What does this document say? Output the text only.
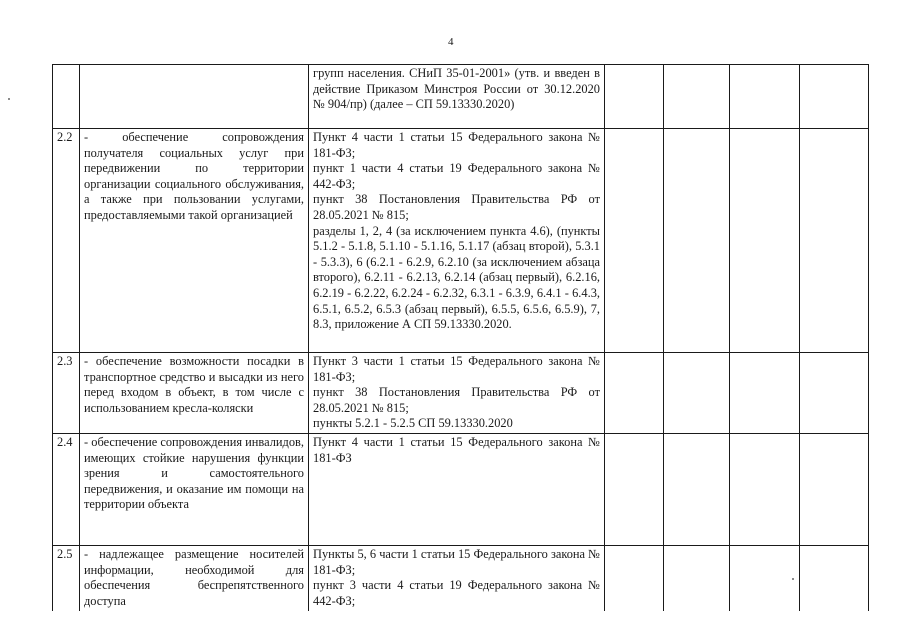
4

		групп населения. СНиП 35-01-2001» (утв. и введен в действие Приказом Минстроя России от 30.12.2020 № 904/пр) (далее – СП 59.13330.2020)				

2.2	- обеспечение сопровождения получателя социальных услуг при передвижении по территории организации социального обслуживания, а также при пользовании услугами, предоставляемыми такой организацией	Пункт 4 части 1 статьи 15 Федерального закона № 181-ФЗ;
пункт 1 части 4 статьи 19 Федерального закона № 442-ФЗ;
пункт 38 Постановления Правительства РФ от 28.05.2021 № 815;
разделы 1, 2, 4 (за исключением пункта 4.6), (пункты 5.1.2 - 5.1.8, 5.1.10 - 5.1.16, 5.1.17 (абзац второй), 5.3.1 - 5.3.3), 6 (6.2.1 - 6.2.9, 6.2.10 (за исключением абзаца второго), 6.2.11 - 6.2.13, 6.2.14 (абзац первый), 6.2.16, 6.2.19 - 6.2.22, 6.2.24 - 6.2.32, 6.3.1 - 6.3.9, 6.4.1 - 6.4.3, 6.5.1, 6.5.2, 6.5.3 (абзац первый), 6.5.5, 6.5.6, 6.5.9), 7, 8.3, приложение А СП 59.13330.2020.				

2.3	- обеспечение возможности посадки в транспортное средство и высадки из него перед входом в объект, в том числе с использованием кресла-коляски	Пункт 3 части 1 статьи 15 Федерального закона № 181-ФЗ;
пункт 38 Постановления Правительства РФ от 28.05.2021 № 815;
пункты 5.2.1 - 5.2.5 СП 59.13330.2020				

2.4	- обеспечение сопровождения инвалидов, имеющих стойкие нарушения функции зрения и самостоятельного передвижения, и оказание им помощи на территории объекта	Пункт 4 части 1 статьи 15 Федерального закона № 181-ФЗ				

2.5	- надлежащее размещение носителей информации, необходимой для обеспечения беспрепятственного доступа	Пункты 5, 6 части 1 статьи 15 Федерального закона № 181-ФЗ;
пункт 3 части 4 статьи 19 Федерального закона № 442-ФЗ;				
